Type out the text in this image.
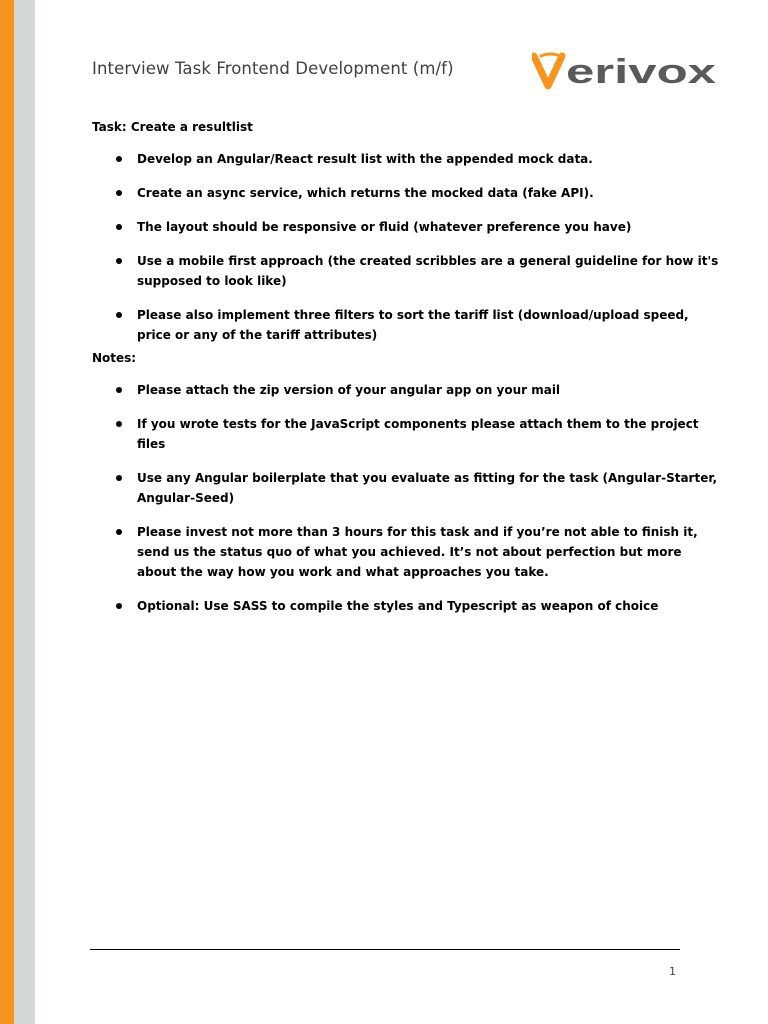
Interview Task Frontend Development (m/f)	erivox

Task: Create a resultlist

Develop an Angular/React result list with the appended mock data.
Create an async service, which returns the mocked data (fake API).
The layout should be responsive or fluid (whatever preference you have)
Use a mobile first approach (the created scribbles are a general guideline for how it's
supposed to look like)
Please also implement three filters to sort the tariff list (download/upload speed,
price or any of the tariff attributes)

Notes:

Please attach the zip version of your angular app on your mail
If you wrote tests for the JavaScript components please attach them to the project
files
Use any Angular boilerplate that you evaluate as fitting for the task (Angular-Starter,
Angular-Seed)
Please invest not more than 3 hours for this task and if you’re not able to finish it,
send us the status quo of what you achieved. It’s not about perfection but more
about the way how you work and what approaches you take.
Optional: Use SASS to compile the styles and Typescript as weapon of choice
1
